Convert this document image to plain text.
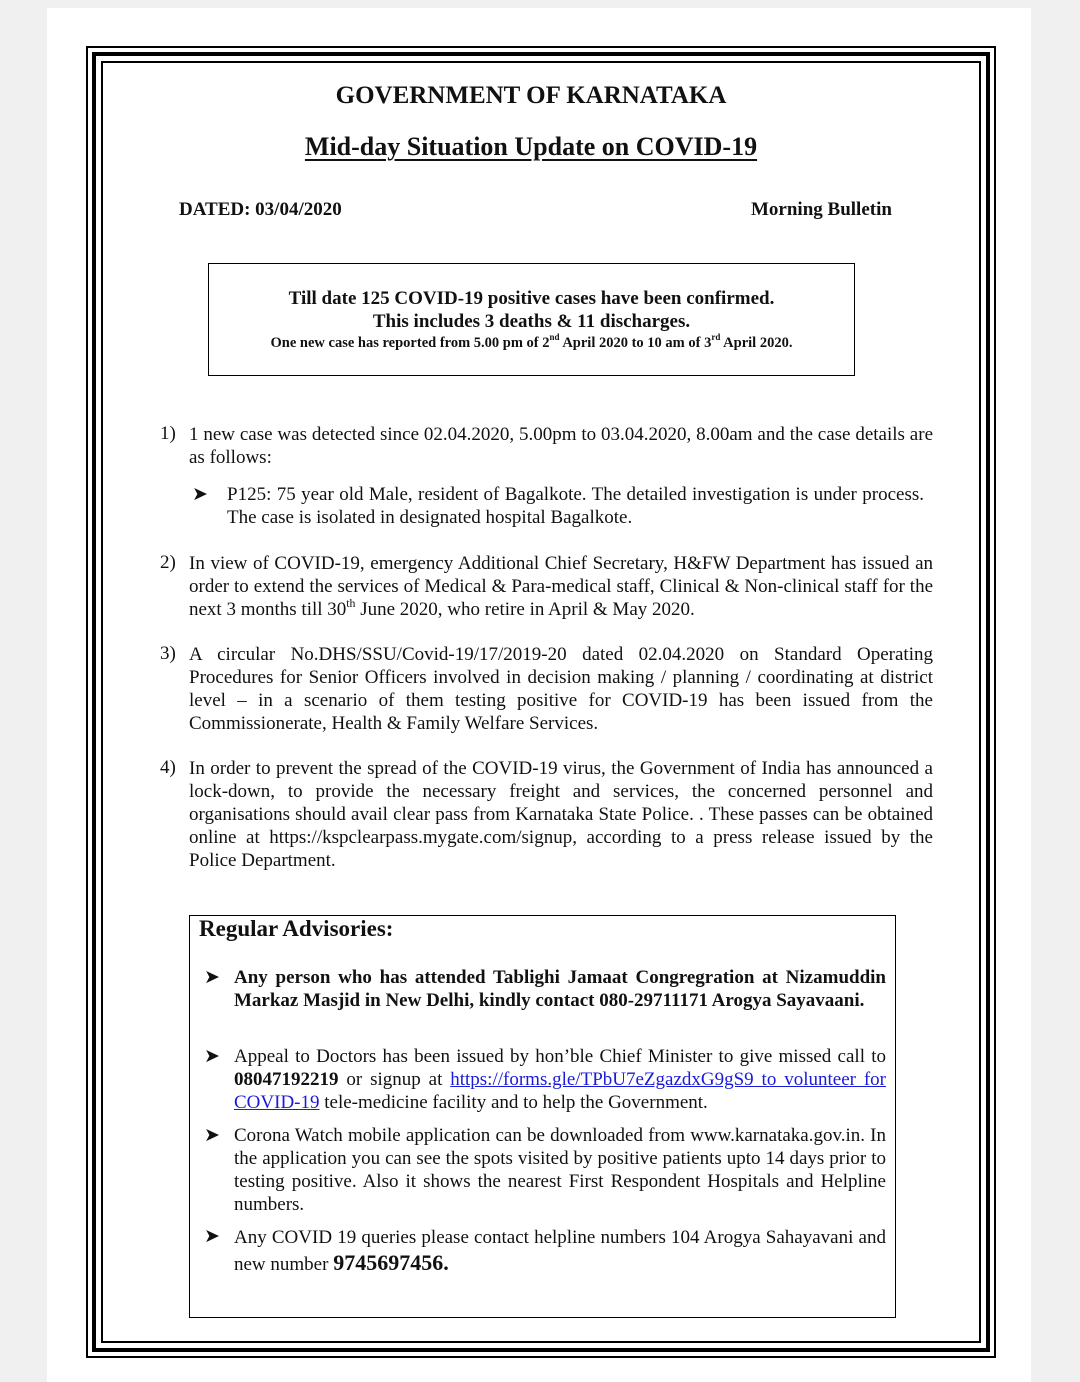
GOVERNMENT OF KARNATAKA
Mid-day Situation Update on COVID-19
DATED: 03/04/2020	Morning Bulletin
Till date 125 COVID-19 positive cases have been confirmed.
This includes 3 deaths & 11 discharges.
One new case has reported from 5.00 pm of 2nd April 2020 to 10 am of 3rd April 2020.
1) 1 new case was detected since 02.04.2020, 5.00pm to 03.04.2020, 8.00am and the case details are as follows:
➤ P125: 75 year old Male, resident of Bagalkote. The detailed investigation is under process. The case is isolated in designated hospital Bagalkote.
2) In view of COVID-19, emergency Additional Chief Secretary, H&FW Department has issued an order to extend the services of Medical & Para-medical staff, Clinical & Non-clinical staff for the next 3 months till 30th June 2020, who retire in April & May 2020.
3) A circular No.DHS/SSU/Covid-19/17/2019-20 dated 02.04.2020 on Standard Operating Procedures for Senior Officers involved in decision making / planning / coordinating at district level – in a scenario of them testing positive for COVID-19 has been issued from the Commissionerate, Health & Family Welfare Services.
4) In order to prevent the spread of the COVID-19 virus, the Government of India has announced a lock-down, to provide the necessary freight and services, the concerned personnel and organisations should avail clear pass from Karnataka State Police. . These passes can be obtained online at https://kspclearpass.mygate.com/signup, according to a press release issued by the Police Department.
Regular Advisories:
➤ Any person who has attended Tablighi Jamaat Congregration at Nizamuddin Markaz Masjid in New Delhi, kindly contact 080-29711171 Arogya Sayavaani.
➤ Appeal to Doctors has been issued by hon’ble Chief Minister to give missed call to 08047192219 or signup at https://forms.gle/TPbU7eZgazdxG9gS9 to volunteer for COVID-19 tele-medicine facility and to help the Government.
➤ Corona Watch mobile application can be downloaded from www.karnataka.gov.in. In the application you can see the spots visited by positive patients upto 14 days prior to testing positive. Also it shows the nearest First Respondent Hospitals and Helpline numbers.
➤ Any COVID 19 queries please contact helpline numbers 104 Arogya Sahayavani and new number 9745697456.
